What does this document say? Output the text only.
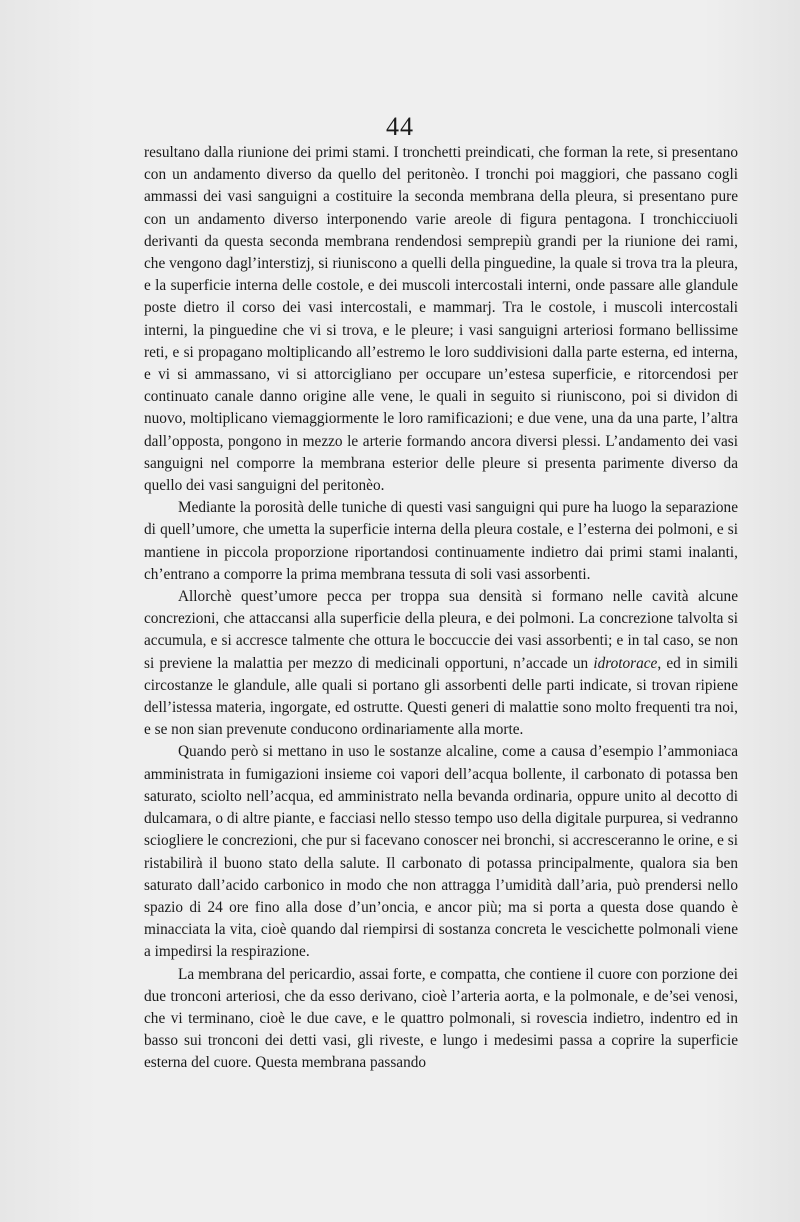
44

resultano dalla riunione dei primi stami. I tronchetti preindicati, che forman la rete, si presentano con un andamento diverso da quello del peritonèo. I tronchi poi maggiori, che passano cogli ammassi dei vasi sanguigni a costituire la seconda membrana della pleura, si presentano pure con un andamento diverso interponendo varie areole di figura pentagona. I tronchicciuoli derivanti da questa seconda membrana rendendosi semprepiù grandi per la riunione dei rami, che vengono dagl’interstizj, si riuniscono a quelli della pinguedine, la quale si trova tra la pleura, e la superficie interna delle costole, e dei muscoli intercostali interni, onde passare alle glandule poste dietro il corso dei vasi intercostali, e mammarj. Tra le costole, i muscoli intercostali interni, la pinguedine che vi si trova, e le pleure; i vasi sanguigni arteriosi formano bellissime reti, e si propagano moltiplicando all’estremo le loro suddivisioni dalla parte esterna, ed interna, e vi si ammassano, vi si attorcigliano per occupare un’estesa superficie, e ritorcendosi per continuato canale danno origine alle vene, le quali in seguito si riuniscono, poi si dividon di nuovo, moltiplicano viemaggiormente le loro ramificazioni; e due vene, una da una parte, l’altra dall’opposta, pongono in mezzo le arterie formando ancora diversi plessi. L’andamento dei vasi sanguigni nel comporre la membrana esterior delle pleure si presenta parimente diverso da quello dei vasi sanguigni del peritonèo.

Mediante la porosità delle tuniche di questi vasi sanguigni qui pure ha luogo la separazione di quell’umore, che umetta la superficie interna della pleura costale, e l’esterna dei polmoni, e si mantiene in piccola proporzione riportandosi continuamente indietro dai primi stami inalanti, ch’entrano a comporre la prima membrana tessuta di soli vasi assorbenti.

Allorchè quest’umore pecca per troppa sua densità si formano nelle cavità alcune concrezioni, che attaccansi alla superficie della pleura, e dei polmoni. La concrezione talvolta si accumula, e si accresce talmente che ottura le boccuccie dei vasi assorbenti; e in tal caso, se non si previene la malattia per mezzo di medicinali opportuni, n’accade un idrotorace, ed in simili circostanze le glandule, alle quali si portano gli assorbenti delle parti indicate, si trovan ripiene dell’istessa materia, ingorgate, ed ostrutte. Questi generi di malattie sono molto frequenti tra noi, e se non sian prevenute conducono ordinariamente alla morte.

Quando però si mettano in uso le sostanze alcaline, come a causa d’esempio l’ammoniaca amministrata in fumigazioni insieme coi vapori dell’acqua bollente, il carbonato di potassa ben saturato, sciolto nell’acqua, ed amministrato nella bevanda ordinaria, oppure unito al decotto di dulcamara, o di altre piante, e facciasi nello stesso tempo uso della digitale purpurea, si vedranno sciogliere le concrezioni, che pur si facevano conoscer nei bronchi, si accresceranno le orine, e si ristabilirà il buono stato della salute. Il carbonato di potassa principalmente, qualora sia ben saturato dall’acido carbonico in modo che non attragga l’umidità dall’aria, può prendersi nello spazio di 24 ore fino alla dose d’un’oncia, e ancor più; ma si porta a questa dose quando è minacciata la vita, cioè quando dal riempirsi di sostanza concreta le vescichette polmonali viene a impedirsi la respirazione.

La membrana del pericardio, assai forte, e compatta, che contiene il cuore con porzione dei due tronconi arteriosi, che da esso derivano, cioè l’arteria aorta, e la polmonale, e de’sei venosi, che vi terminano, cioè le due cave, e le quattro polmonali, si rovescia indietro, indentro ed in basso sui tronconi dei detti vasi, gli riveste, e lungo i medesimi passa a coprire la superficie esterna del cuore. Questa membrana passando
